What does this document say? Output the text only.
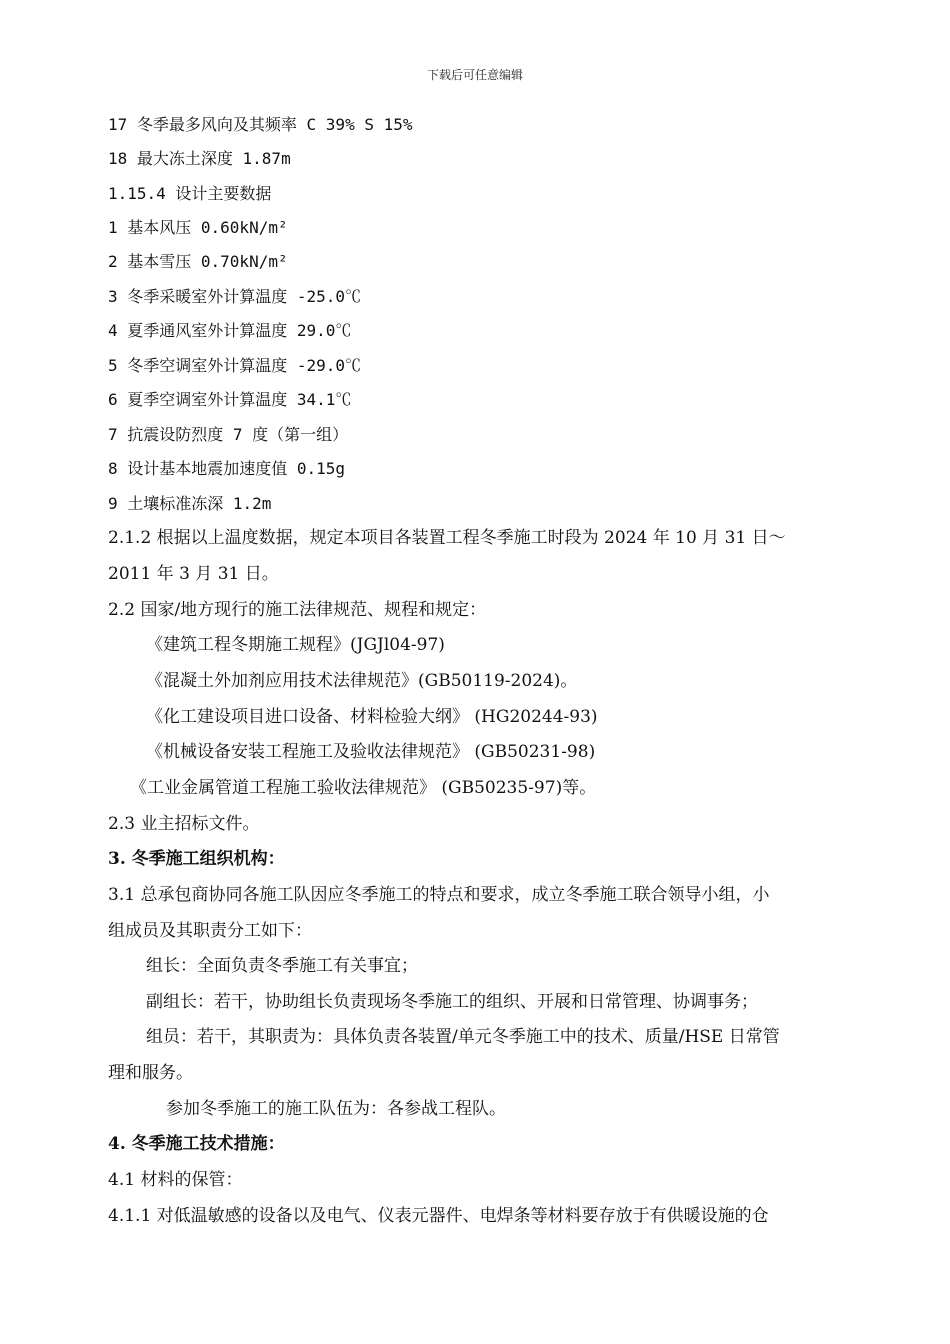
下载后可任意编辑
17 冬季最多风向及其频率 C 39% S 15%
18 最大冻土深度 1.87m
1.15.4 设计主要数据
1 基本风压 0.60kN/m²
2 基本雪压 0.70kN/m²
3 冬季采暖室外计算温度 -25.0℃
4 夏季通风室外计算温度 29.0℃
5 冬季空调室外计算温度 -29.0℃
6 夏季空调室外计算温度 34.1℃
7 抗震设防烈度 7 度（第一组）
8 设计基本地震加速度值 0.15g
9 土壤标准冻深 1.2m
2.1.2 根据以上温度数据，规定本项目各装置工程冬季施工时段为 2024 年 10 月 31 日～
2011 年 3 月 31 日。
2.2 国家/地方现行的施工法律规范、规程和规定：
《建筑工程冬期施工规程》(JGJl04-97)
《混凝土外加剂应用技术法律规范》(GB50119-2024)。
《化工建设项目进口设备、材料检验大纲》 (HG20244-93)
《机械设备安装工程施工及验收法律规范》 (GB50231-98)
《工业金属管道工程施工验收法律规范》 (GB50235-97)等。
2.3 业主招标文件。
3. 冬季施工组织机构：
3.1 总承包商协同各施工队因应冬季施工的特点和要求，成立冬季施工联合领导小组，小
组成员及其职责分工如下：
组长：全面负责冬季施工有关事宜；
副组长：若干，协助组长负责现场冬季施工的组织、开展和日常管理、协调事务；
组员：若干，其职责为：具体负责各装置/单元冬季施工中的技术、质量/HSE 日常管
理和服务。
参加冬季施工的施工队伍为：各参战工程队。
4. 冬季施工技术措施：
4.1 材料的保管：
4.1.1 对低温敏感的设备以及电气、仪表元器件、电焊条等材料要存放于有供暖设施的仓
